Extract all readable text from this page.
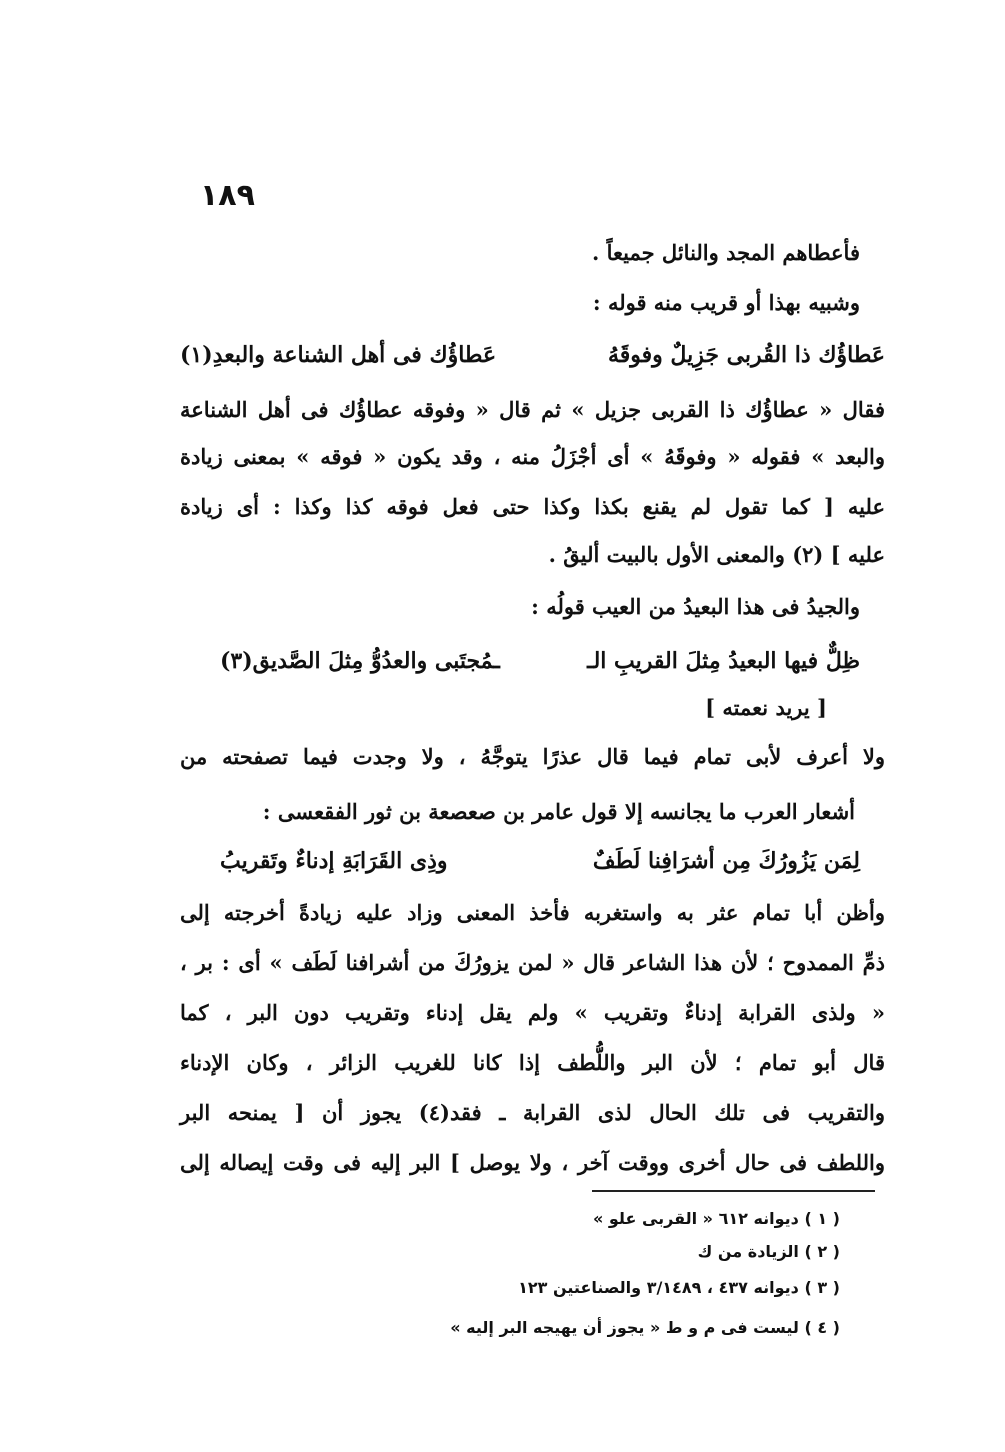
١٨٩
فأعطاهم المجد والنائل جميعاً .
وشبيه بهذا أو قريب منه قوله :
عَطاؤُك ذا القُربى جَزِيلٌ وفوقَهُ
عَطاؤُك فى أهل الشناعة والبعدِ(١)
فقال « عطاؤُك ذا القربى جزيل » ثم قال « وفوقه عطاؤُك فى أهل الشناعة
والبعد » فقوله « وفوقَهُ » أى أجْزَلُ منه ، وقد يكون « فوقه » بمعنى زيادة
عليه [ كما تقول لم يقنع بكذا وكذا حتى فعل فوقه كذا وكذا : أى زيادة
عليه ] (٢) والمعنى الأول بالبيت أليقُ .
والجيدُ فى هذا البعيدُ من العيب قولُه :
ظِلٌّ فيها البعيدُ مِثلَ القريبِ الـ
ـمُجتَبى والعدُوُّ مِثلَ الصَّديق(٣)
[ يريد نعمته ]
ولا أعرف لأبى تمام فيما قال عذرًا يتوجَّهُ ، ولا وجدت فيما تصفحته من
أشعار العرب ما يجانسه إلا قول عامر بن صعصعة بن ثور الفقعسى :
لِمَن يَزُورُكَ مِن أشرَافِنا لَطَفٌ
وذِى القَرَابَةِ إدناءٌ وتَقريبُ
وأظن أبا تمام عثر به واستغربه فأخذ المعنى وزاد عليه زيادةً أخرجته إلى
ذمِّ الممدوح ؛ لأن هذا الشاعر قال « لمن يزورُكَ من أشرافنا لَطَف » أى : بر ،
« ولذى القرابة إدناءٌ وتقريب » ولم يقل إدناء وتقريب دون البر ، كما
قال أبو تمام ؛ لأن البر واللُّطف إذا كانا للغريب الزائر ، وكان الإدناء
والتقريب فى تلك الحال لذى القرابة ـ فقد(٤) يجوز أن [ يمنحه البر
واللطف فى حال أخرى ووقت آخر ، ولا يوصل ] البر إليه فى وقت إيصاله إلى
( ١ ) ديوانه ٦١٢ « القربى علو »
( ٢ ) الزيادة من ك
( ٣ ) ديوانه ٤٣٧ ، ٣/١٤٨٩ والصناعتين ١٢٣
( ٤ ) ليست فى م و ط « يجوز أن يهيجه البر إليه »
